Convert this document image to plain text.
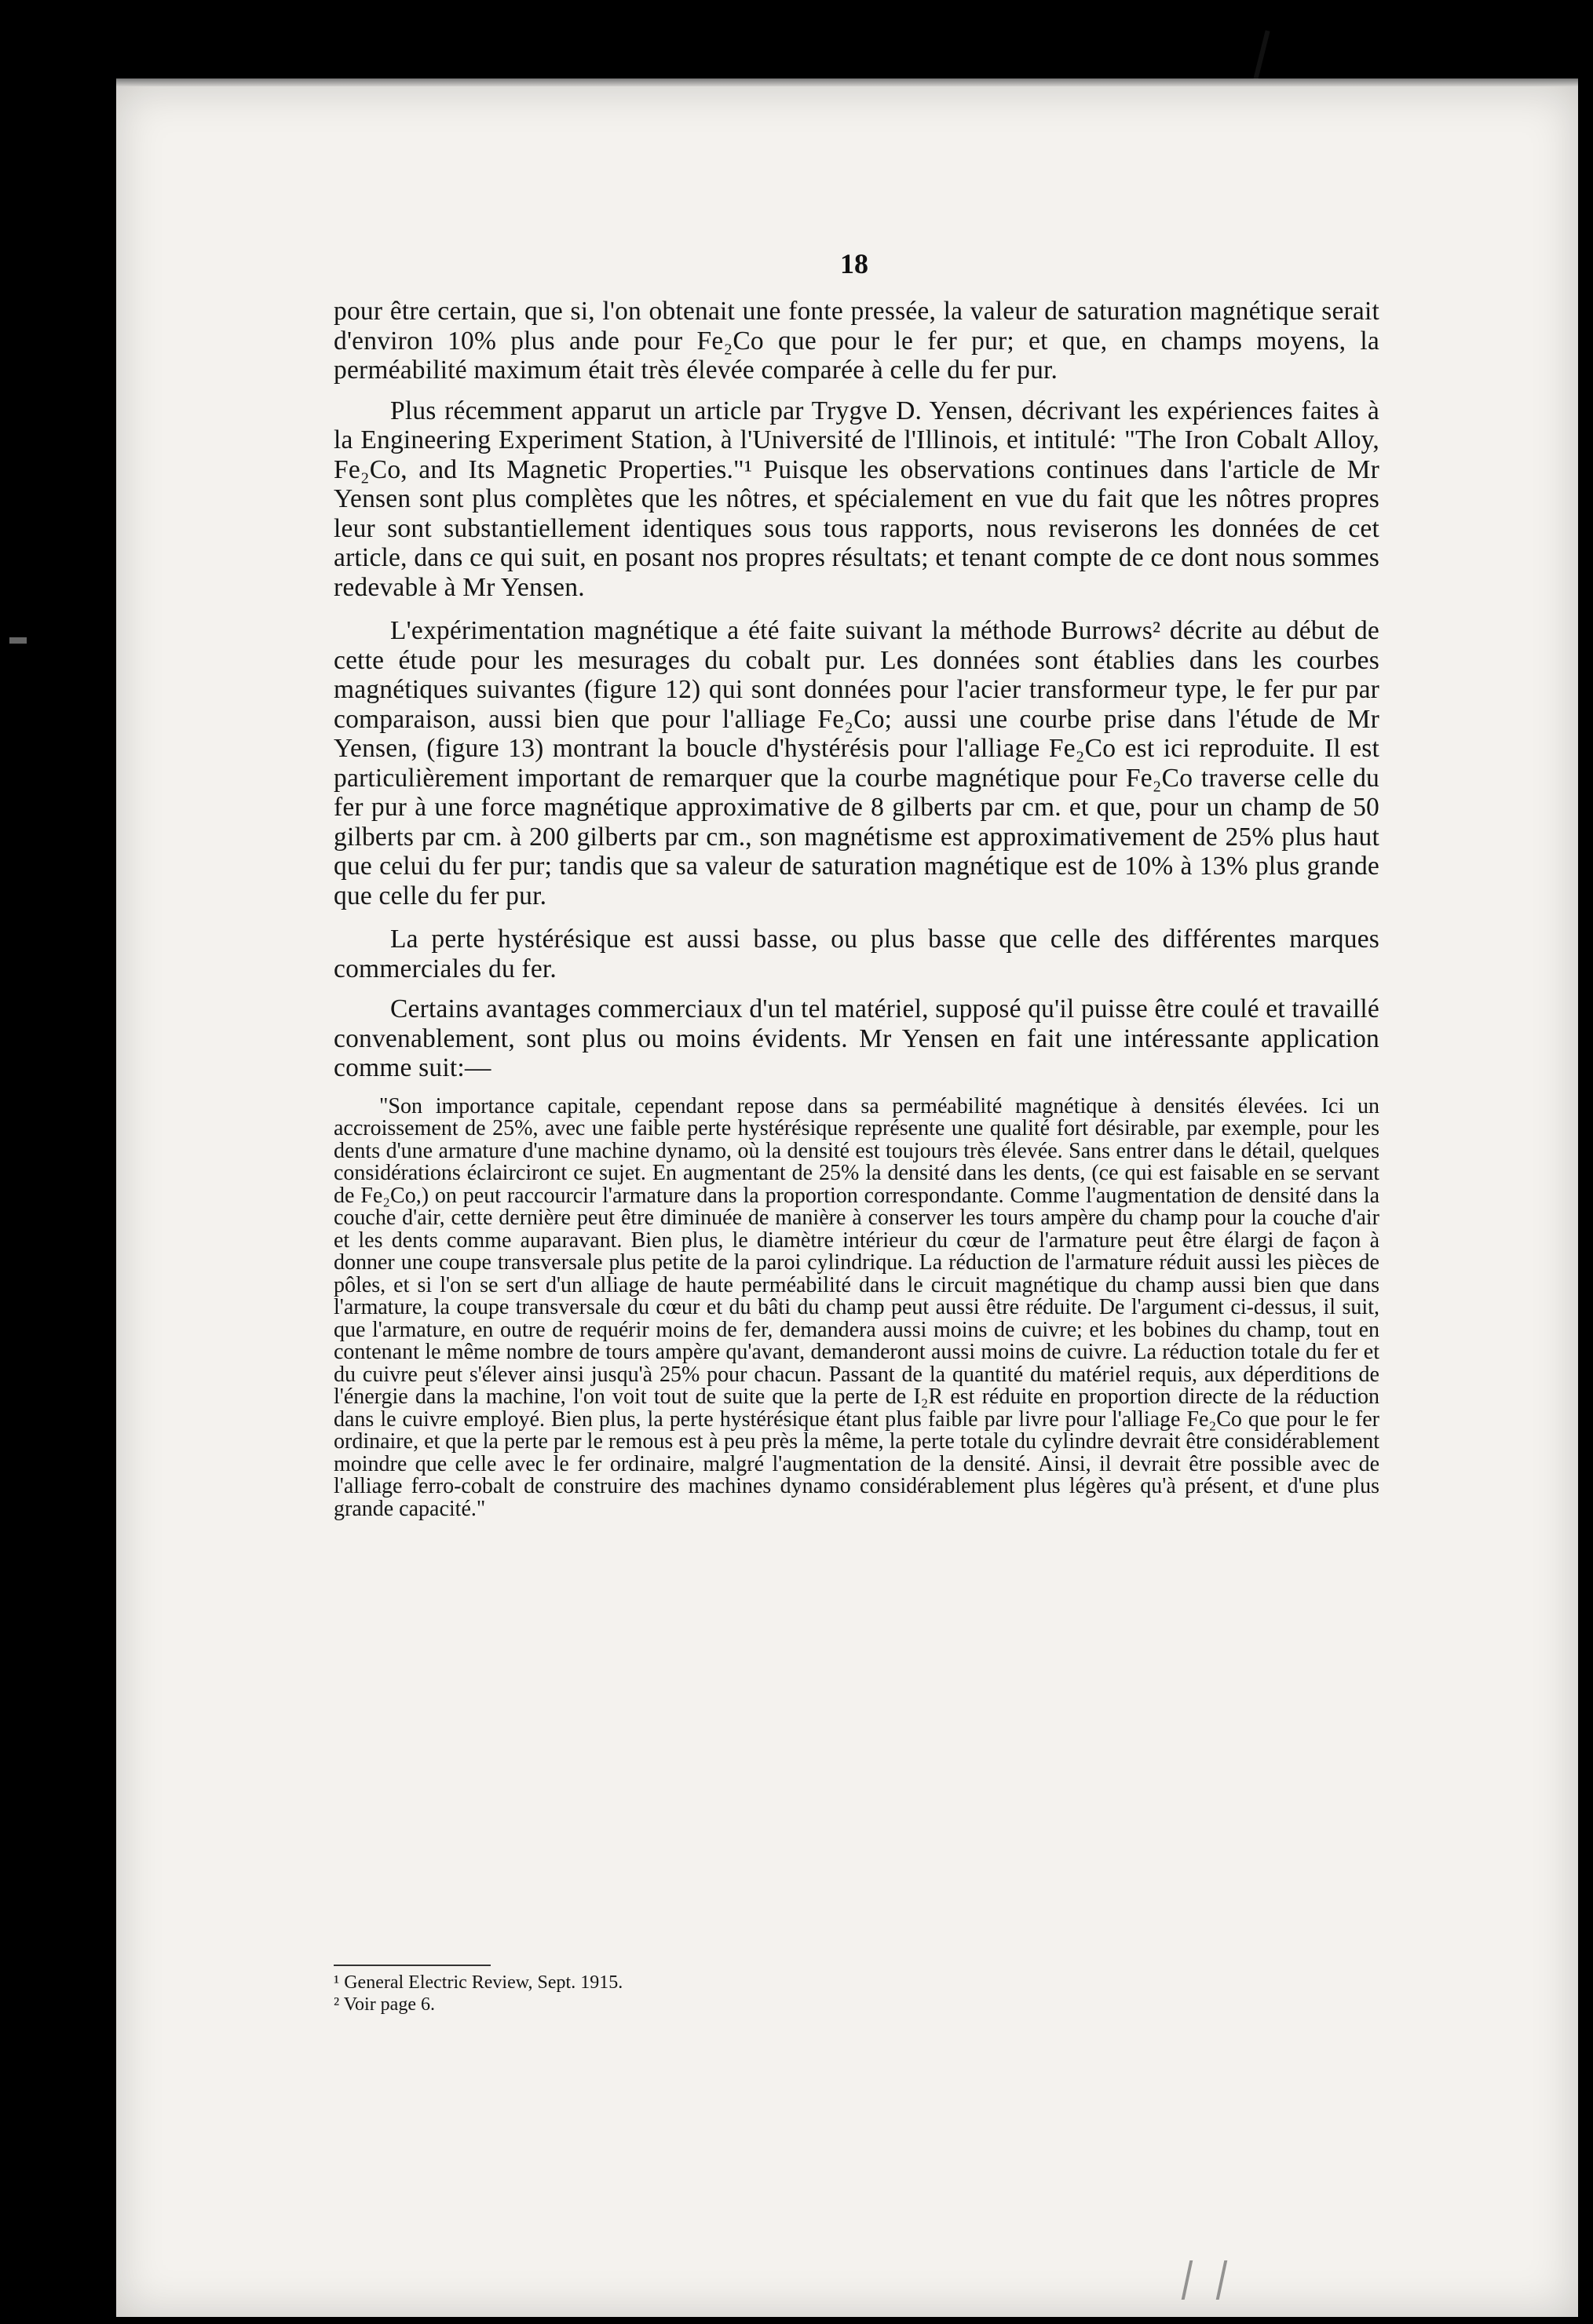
18

pour être certain, que si, l'on obtenait une fonte pressée, la valeur de saturation magnétique serait d'environ 10% plus ande pour Fe₂Co que pour le fer pur; et que, en champs moyens, la perméabilité maximum était très élevée comparée à celle du fer pur.

Plus récemment apparut un article par Trygve D. Yensen, décrivant les expériences faites à la Engineering Experiment Station, à l'Université de l'Illinois, et intitulé: "The Iron Cobalt Alloy, Fe₂Co, and Its Magnetic Properties."¹ Puisque les observations continues dans l'article de Mr Yensen sont plus complètes que les nôtres, et spécialement en vue du fait que les nôtres propres leur sont substantiellement identiques sous tous rapports, nous reviserons les données de cet article, dans ce qui suit, en posant nos propres résultats; et tenant compte de ce dont nous sommes redevable à Mr Yensen.

L'expérimentation magnétique a été faite suivant la méthode Burrows² décrite au début de cette étude pour les mesurages du cobalt pur. Les données sont établies dans les courbes magnétiques suivantes (figure 12) qui sont données pour l'acier transformeur type, le fer pur par comparaison, aussi bien que pour l'alliage Fe₂Co; aussi une courbe prise dans l'étude de Mr Yensen, (figure 13) montrant la boucle d'hystérésis pour l'alliage Fe₂Co est ici reproduite. Il est particulièrement important de remarquer que la courbe magnétique pour Fe₂Co traverse celle du fer pur à une force magnétique approximative de 8 gilberts par cm. et que, pour un champ de 50 gilberts par cm. à 200 gilberts par cm., son magnétisme est approximativement de 25% plus haut que celui du fer pur; tandis que sa valeur de saturation magnétique est de 10% à 13% plus grande que celle du fer pur.

La perte hystérésique est aussi basse, ou plus basse que celle des différentes marques commerciales du fer.

Certains avantages commerciaux d'un tel matériel, supposé qu'il puisse être coulé et travaillé convenablement, sont plus ou moins évidents. Mr Yensen en fait une intéressante application comme suit:—

"Son importance capitale, cependant repose dans sa perméabilité magnétique à densités élevées. Ici un accroissement de 25%, avec une faible perte hystérésique représente une qualité fort désirable, par exemple, pour les dents d'une armature d'une machine dynamo, où la densité est toujours très élevée. Sans entrer dans le détail, quelques considérations éclairciront ce sujet. En augmentant de 25% la densité dans les dents, (ce qui est faisable en se servant de Fe₂Co,) on peut raccourcir l'armature dans la proportion correspondante. Comme l'augmentation de densité dans la couche d'air, cette dernière peut être diminuée de manière à conserver les tours ampère du champ pour la couche d'air et les dents comme auparavant. Bien plus, le diamètre intérieur du cœur de l'armature peut être élargi de façon à donner une coupe transversale plus petite de la paroi cylindrique. La réduction de l'armature réduit aussi les pièces de pôles, et si l'on se sert d'un alliage de haute perméabilité dans le circuit magnétique du champ aussi bien que dans l'armature, la coupe transversale du cœur et du bâti du champ peut aussi être réduite. De l'argument ci-dessus, il suit, que l'armature, en outre de requérir moins de fer, demandera aussi moins de cuivre; et les bobines du champ, tout en contenant le même nombre de tours ampère qu'avant, demanderont aussi moins de cuivre. La réduction totale du fer et du cuivre peut s'élever ainsi jusqu'à 25% pour chacun. Passant de la quantité du matériel requis, aux déperditions de l'énergie dans la machine, l'on voit tout de suite que la perte de I₂R est réduite en proportion directe de la réduction dans le cuivre employé. Bien plus, la perte hystérésique étant plus faible par livre pour l'alliage Fe₂Co que pour le fer ordinaire, et que la perte par le remous est à peu près la même, la perte totale du cylindre devrait être considérablement moindre que celle avec le fer ordinaire, malgré l'augmentation de la densité. Ainsi, il devrait être possible avec de l'alliage ferro-cobalt de construire des machines dynamo considérablement plus légères qu'à présent, et d'une plus grande capacité."

¹ General Electric Review, Sept. 1915.

² Voir page 6.
